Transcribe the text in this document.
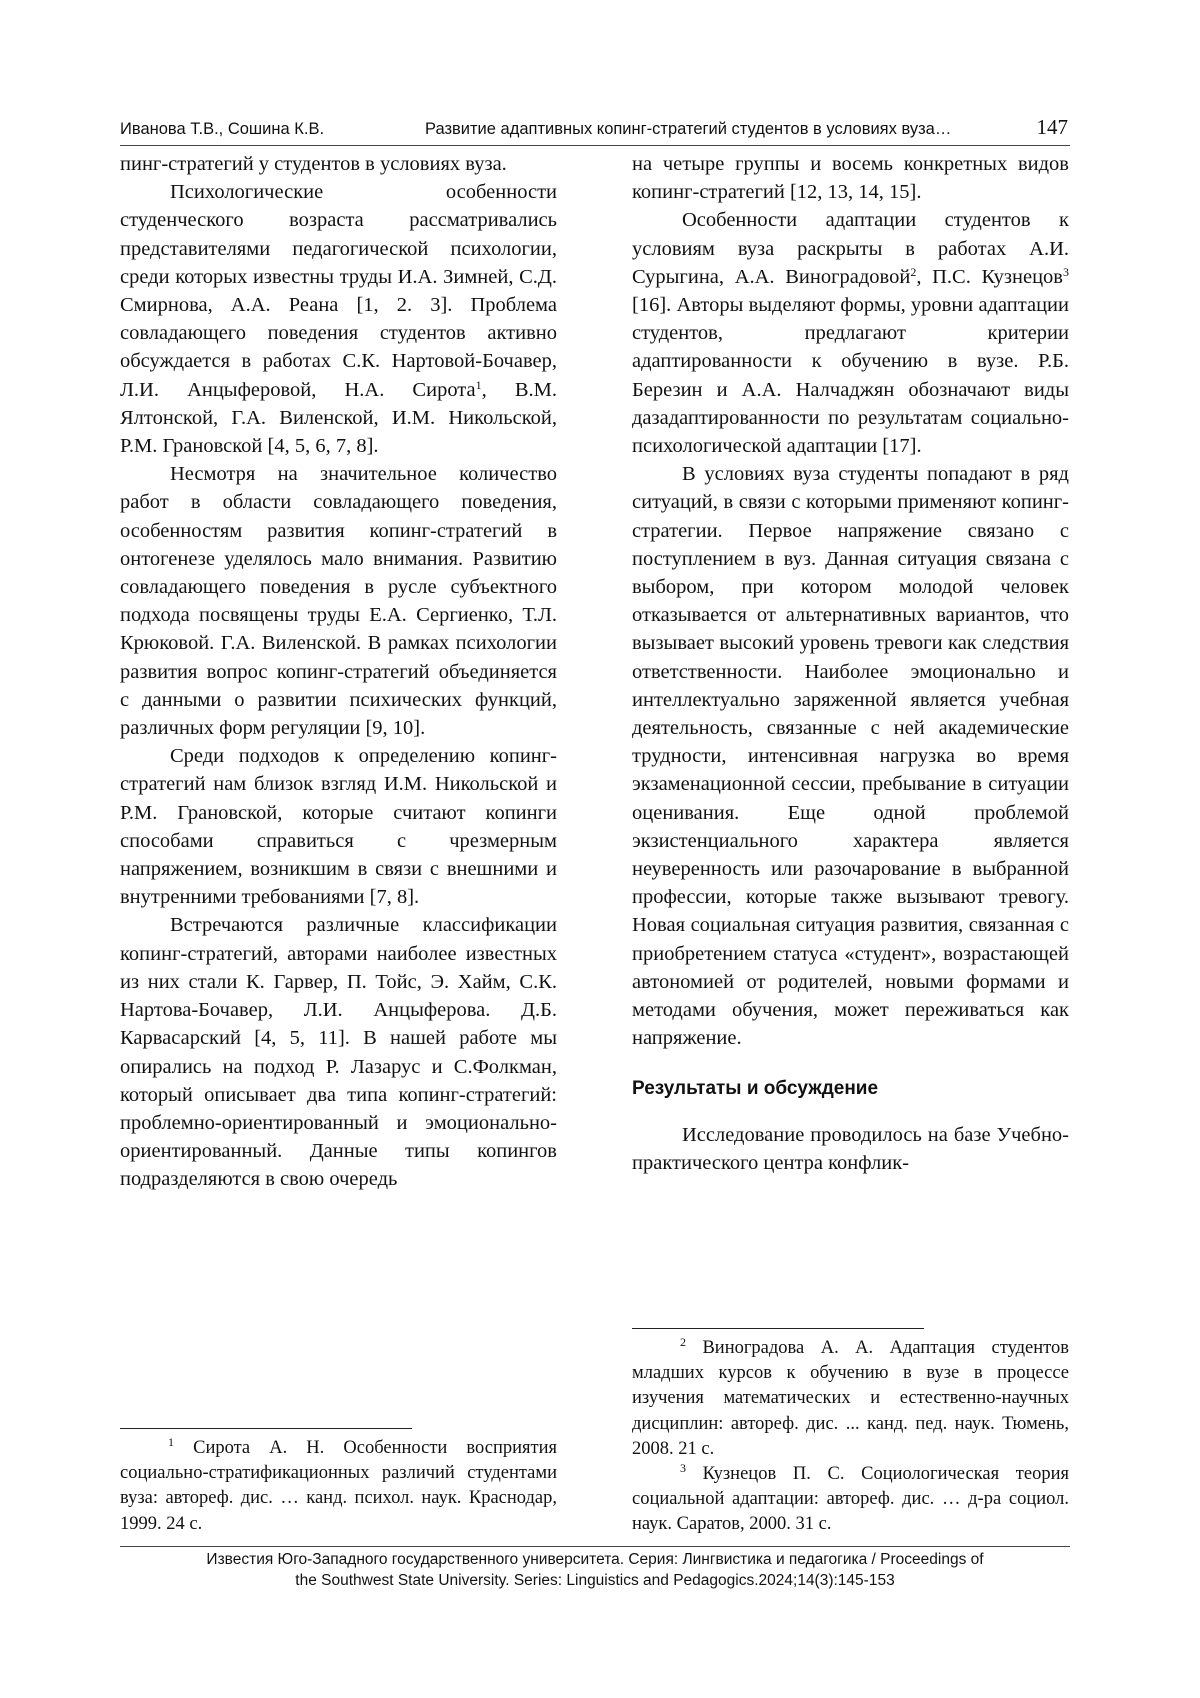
Иванова Т.В., Сошина К.В.	Развитие адаптивных копинг-стратегий студентов в условиях вуза…	147

пинг-стратегий у студентов в условиях вуза.

Психологические особенности студенческого возраста рассматривались представителями педагогической психологии, среди которых известны труды И.А. Зимней, С.Д. Смирнова, А.А. Реана [1, 2. 3]. Проблема совладающего поведения студентов активно обсуждается в работах С.К. Нартовой-Бочавер, Л.И. Анцыферовой, Н.А. Сирота$^1$, В.М. Ялтонской, Г.А. Виленской, И.М. Никольской, Р.М. Грановской [4, 5, 6, 7, 8].

Несмотря на значительное количество работ в области совладающего поведения, особенностям развития копинг-стратегий в онтогенезе уделялось мало внимания. Развитию совладающего поведения в русле субъектного подхода посвящены труды Е.А. Сергиенко, Т.Л. Крюковой. Г.А. Виленской. В рамках психологии развития вопрос копинг-стратегий объединяется с данными о развитии психических функций, различных форм регуляции [9, 10].

Среди подходов к определению копинг-стратегий нам близок взгляд И.М. Никольской и Р.М. Грановской, которые считают копинги способами справиться с чрезмерным напряжением, возникшим в связи с внешними и внутренними требованиями [7, 8].

Встречаются различные классификации копинг-стратегий, авторами наиболее известных из них стали К. Гарвер, П. Тойс, Э. Хайм, С.К. Нартова-Бочавер, Л.И. Анцыферова. Д.Б. Карвасарский [4, 5, 11]. В нашей работе мы опирались на подход Р. Лазарус и С.Фолкман, который описывает два типа копинг-стратегий: проблемно-ориентированный и эмоционально-ориентированный. Данные типы копингов подразделяются в свою очередь

на четыре группы и восемь конкретных видов копинг-стратегий [12, 13, 14, 15].

Особенности адаптации студентов к условиям вуза раскрыты в работах А.И. Сурыгина, А.А. Виноградовой$^2$, П.С. Кузнецов$^3$ [16]. Авторы выделяют формы, уровни адаптации студентов, предлагают критерии адаптированности к обучению в вузе. Р.Б. Березин и А.А. Налчаджян обозначают виды дазадаптированности по результатам социально-психологической адаптации [17].

В условиях вуза студенты попадают в ряд ситуаций, в связи с которыми применяют копинг-стратегии. Первое напряжение связано с поступлением в вуз. Данная ситуация связана с выбором, при котором молодой человек отказывается от альтернативных вариантов, что вызывает высокий уровень тревоги как следствия ответственности. Наиболее эмоционально и интеллектуально заряженной является учебная деятельность, связанные с ней академические трудности, интенсивная нагрузка во время экзаменационной сессии, пребывание в ситуации оценивания. Еще одной проблемой экзистенциального характера является неуверенность или разочарование в выбранной профессии, которые также вызывают тревогу. Новая социальная ситуация развития, связанная с приобретением статуса «студент», возрастающей автономией от родителей, новыми формами и методами обучения, может переживаться как напряжение.

Результаты и обсуждение

Исследование проводилось на базе Учебно-практического центра конфлик-

$^1$ Сирота А. Н. Особенности восприятия социально-стратификационных различий студентами вуза: автореф. дис. … канд. психол. наук. Краснодар, 1999. 24 с.

$^2$ Виноградова А. А. Адаптация студентов младших курсов к обучению в вузе в процессе изучения математических и естественно-научных дисциплин: автореф. дис. ... канд. пед. наук. Тюмень, 2008. 21 с.

$^3$ Кузнецов П. С. Социологическая теория социальной адаптации: автореф. дис. … д-ра социол. наук. Саратов, 2000. 31 с.

Известия Юго-Западного государственного университета. Серия: Лингвистика и педагогика / Proceedings of
the Southwest State University. Series: Linguistics and Pedagogics.2024;14(3):145-153
